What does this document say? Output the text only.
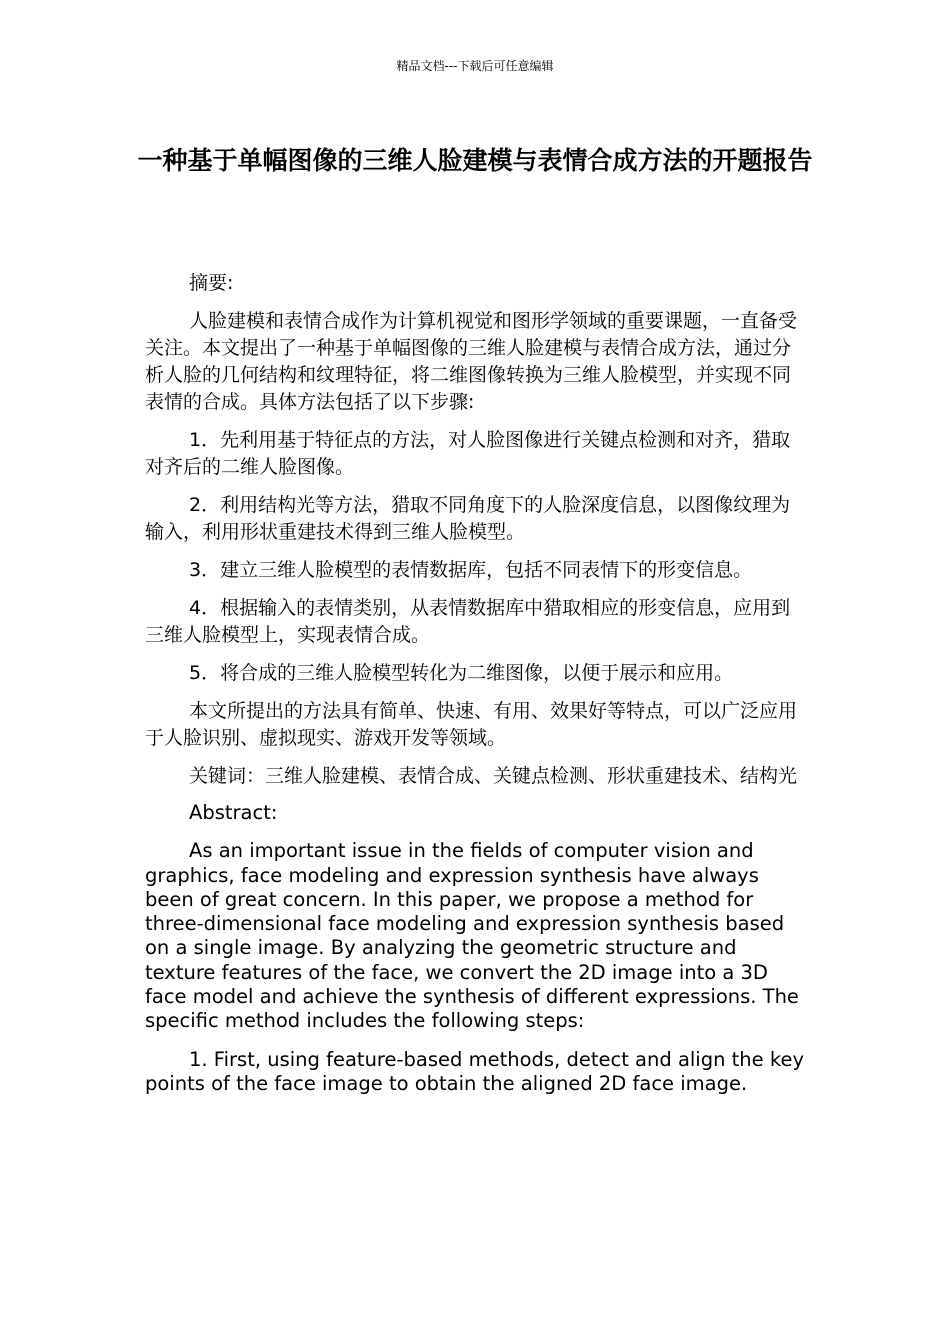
精品文档---下载后可任意编辑
一种基于单幅图像的三维人脸建模与表情合成方法的开题报告

摘要:

人脸建模和表情合成作为计算机视觉和图形学领域的重要课题，一直备受关注。本文提出了一种基于单幅图像的三维人脸建模与表情合成方法，通过分析人脸的几何结构和纹理特征，将二维图像转换为三维人脸模型，并实现不同表情的合成。具体方法包括了以下步骤:

1．先利用基于特征点的方法，对人脸图像进行关键点检测和对齐，猎取对齐后的二维人脸图像。

2．利用结构光等方法，猎取不同角度下的人脸深度信息，以图像纹理为输入，利用形状重建技术得到三维人脸模型。

3．建立三维人脸模型的表情数据库，包括不同表情下的形变信息。

4．根据输入的表情类别，从表情数据库中猎取相应的形变信息，应用到三维人脸模型上，实现表情合成。

5．将合成的三维人脸模型转化为二维图像，以便于展示和应用。

本文所提出的方法具有简单、快速、有用、效果好等特点，可以广泛应用于人脸识别、虚拟现实、游戏开发等领域。

关键词：三维人脸建模、表情合成、关键点检测、形状重建技术、结构光

Abstract:

As an important issue in the fields of computer vision and graphics, face modeling and expression synthesis have always been of great concern. In this paper, we propose a method for three-dimensional face modeling and expression synthesis based on a single image. By analyzing the geometric structure and texture features of the face, we convert the 2D image into a 3D face model and achieve the synthesis of different expressions. The specific method includes the following steps:

1. First, using feature-based methods, detect and align the key points of the face image to obtain the aligned 2D face image.
